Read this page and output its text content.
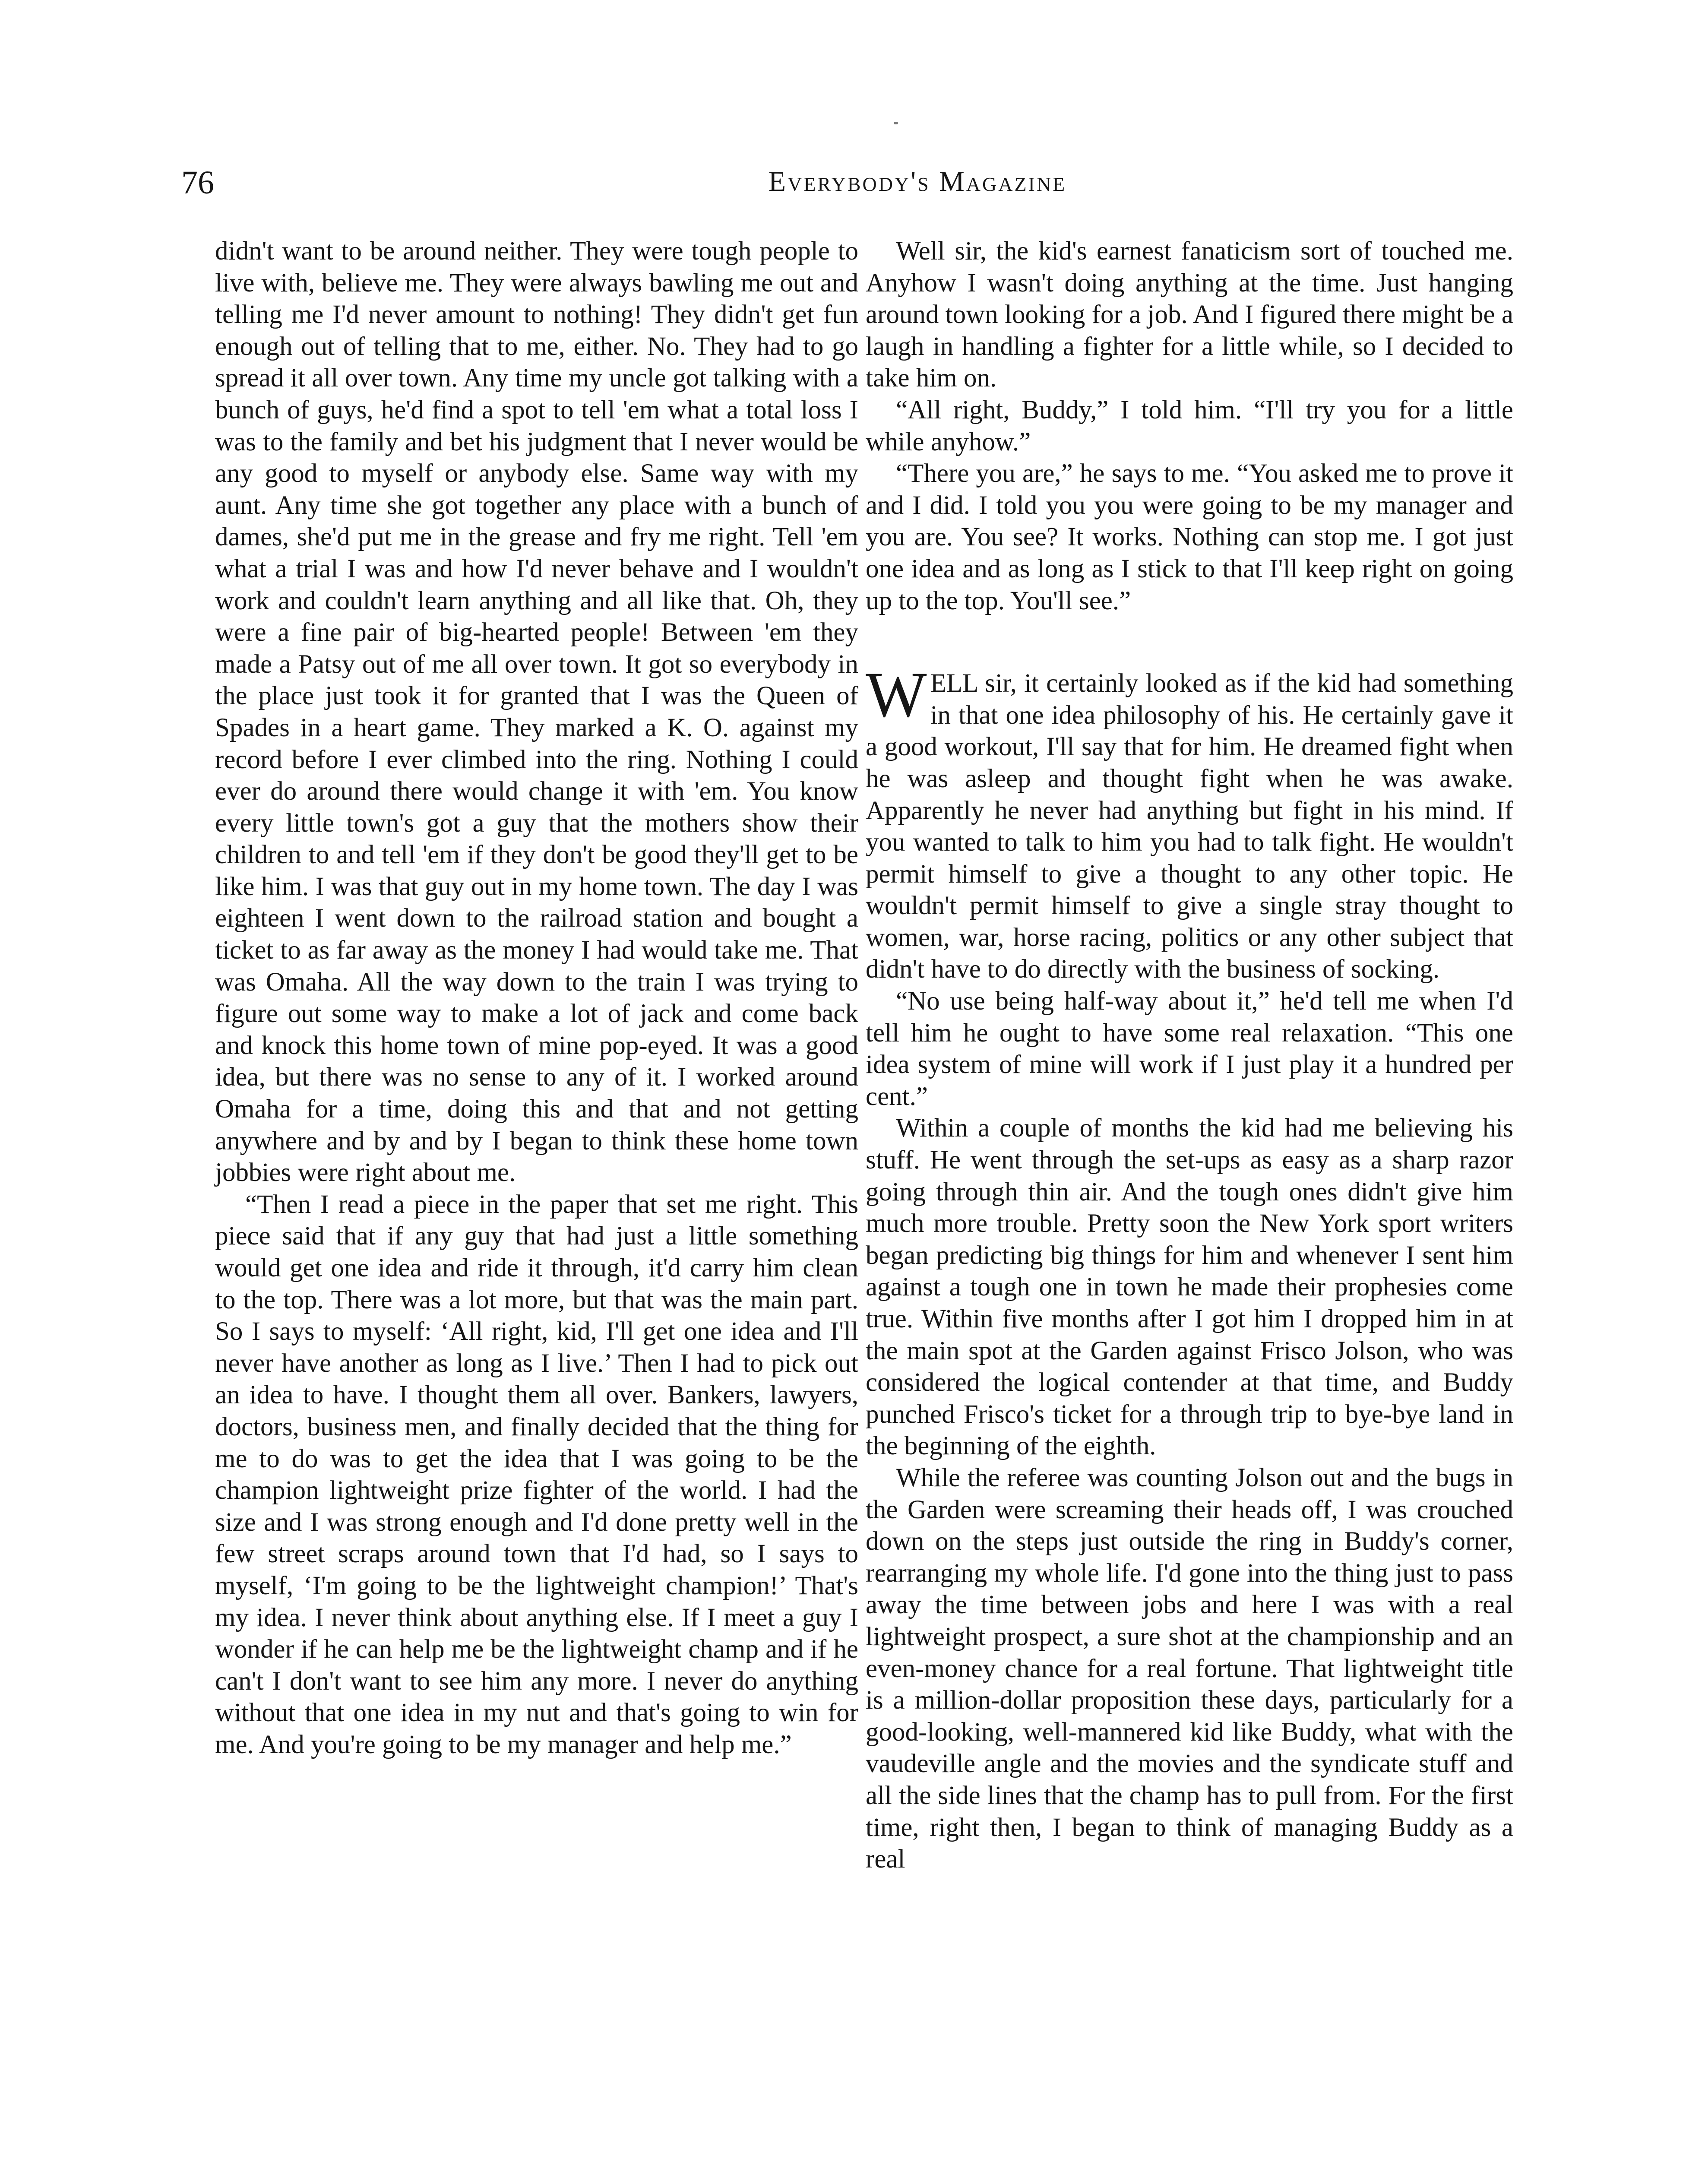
76	Everybody's Magazine

didn't want to be around neither. They were tough people to live with, believe me. They were always bawling me out and telling me I'd never amount to nothing! They didn't get fun enough out of telling that to me, either. No. They had to go spread it all over town. Any time my uncle got talking with a bunch of guys, he'd find a spot to tell 'em what a total loss I was to the family and bet his judgment that I never would be any good to myself or anybody else. Same way with my aunt. Any time she got together any place with a bunch of dames, she'd put me in the grease and fry me right. Tell 'em what a trial I was and how I'd never behave and I wouldn't work and couldn't learn anything and all like that. Oh, they were a fine pair of big-hearted people! Between 'em they made a Patsy out of me all over town. It got so everybody in the place just took it for granted that I was the Queen of Spades in a heart game. They marked a K. O. against my record before I ever climbed into the ring. Nothing I could ever do around there would change it with 'em. You know every little town's got a guy that the mothers show their children to and tell 'em if they don't be good they'll get to be like him. I was that guy out in my home town. The day I was eighteen I went down to the railroad station and bought a ticket to as far away as the money I had would take me. That was Omaha. All the way down to the train I was trying to figure out some way to make a lot of jack and come back and knock this home town of mine pop-eyed. It was a good idea, but there was no sense to any of it. I worked around Omaha for a time, doing this and that and not getting anywhere and by and by I began to think these home town jobbies were right about me.

“Then I read a piece in the paper that set me right. This piece said that if any guy that had just a little something would get one idea and ride it through, it'd carry him clean to the top. There was a lot more, but that was the main part. So I says to myself: ‘All right, kid, I'll get one idea and I'll never have another as long as I live.’ Then I had to pick out an idea to have. I thought them all over. Bankers, lawyers, doctors, business men, and finally decided that the thing for me to do was to get the idea that I was going to be the champion lightweight prize fighter of the world. I had the size and I was strong enough and I'd done pretty well in the few street scraps around town that I'd had, so I says to myself, ‘I'm going to be the lightweight champion!’ That's my idea. I never think about anything else. If I meet a guy I wonder if he can help me be the lightweight champ and if he can't I don't want to see him any more. I never do anything without that one idea in my nut and that's going to win for me. And you're going to be my manager and help me.”

Well sir, the kid's earnest fanaticism sort of touched me. Anyhow I wasn't doing anything at the time. Just hanging around town looking for a job. And I figured there might be a laugh in handling a fighter for a little while, so I decided to take him on.

“All right, Buddy,” I told him. “I'll try you for a little while anyhow.”

“There you are,” he says to me. “You asked me to prove it and I did. I told you you were going to be my manager and you are. You see? It works. Nothing can stop me. I got just one idea and as long as I stick to that I'll keep right on going up to the top. You'll see.”

WELL sir, it certainly looked as if the kid had something in that one idea philosophy of his. He certainly gave it a good workout, I'll say that for him. He dreamed fight when he was asleep and thought fight when he was awake. Apparently he never had anything but fight in his mind. If you wanted to talk to him you had to talk fight. He wouldn't permit himself to give a thought to any other topic. He wouldn't permit himself to give a single stray thought to women, war, horse racing, politics or any other subject that didn't have to do directly with the business of socking.

“No use being half-way about it,” he'd tell me when I'd tell him he ought to have some real relaxation. “This one idea system of mine will work if I just play it a hundred per cent.”

Within a couple of months the kid had me believing his stuff. He went through the set-ups as easy as a sharp razor going through thin air. And the tough ones didn't give him much more trouble. Pretty soon the New York sport writers began predicting big things for him and whenever I sent him against a tough one in town he made their prophesies come true. Within five months after I got him I dropped him in at the main spot at the Garden against Frisco Jolson, who was considered the logical contender at that time, and Buddy punched Frisco's ticket for a through trip to bye-bye land in the beginning of the eighth.

While the referee was counting Jolson out and the bugs in the Garden were screaming their heads off, I was crouched down on the steps just outside the ring in Buddy's corner, rearranging my whole life. I'd gone into the thing just to pass away the time between jobs and here I was with a real lightweight prospect, a sure shot at the championship and an even-money chance for a real fortune. That lightweight title is a million-dollar proposition these days, particularly for a good-looking, well-mannered kid like Buddy, what with the vaudeville angle and the movies and the syndicate stuff and all the side lines that the champ has to pull from. For the first time, right then, I began to think of managing Buddy as a real
